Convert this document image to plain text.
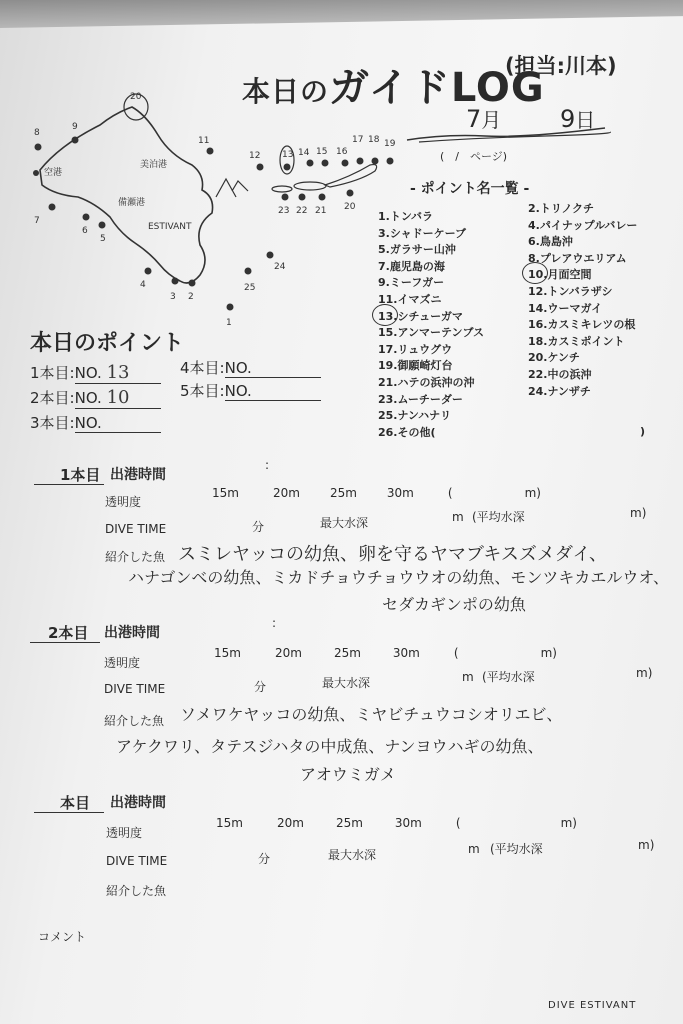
本日のガイドLOG
(担当:川本)
7月 9日
(　/　ページ)
20
8
9
11
12 13 14 15 16
17 18 19
7
6
5
4
3 2
1
25
24
23 22 21 20
空港
美泊港
備瀬港
ESTIVANT
- ポイント名一覧 -
1.トンバラ
3.シャドーケーブ
5.ガラサー山沖
7.鹿児島の海
9.ミーフガー
11.イマズニ
13.シチューガマ
15.アンマーテンブス
17.リュウグウ
19.御願崎灯台
21.ハテの浜沖の沖
23.ムーチーダー
25.ナンハナリ
26.その他(
2.トリノクチ
4.パイナップルバレー
6.鳥島沖
8.プレアウエリアム
10.月面空間
12.トンバラザシ
14.ウーマガイ
16.カスミキレツの根
18.カスミポイント
20.ケンチ
22.中の浜沖
24.ナンザチ
)
本日のポイント
1本目:NO. 13	4本目:NO.
2本目:NO. 10	5本目:NO.
3本目:NO.
1本目 出港時間
:
透明度
15m	20m	25m	30m	(	m)
DIVE TIME	分	最大水深	m (平均水深	m)
紹介した魚 スミレヤッコの幼魚、卵を守るヤマブキスズメダイ、
ハナゴンベの幼魚、ミカドチョウチョウウオの幼魚、モンツキカエルウオ、
セダカギンポの幼魚
2本目 出港時間
:
透明度
15m	20m	25m	30m	(	m)
DIVE TIME	分	最大水深	m (平均水深	m)
紹介した魚 ソメワケヤッコの幼魚、ミヤビチュウコシオリエビ、
アケクワリ、タテスジハタの中成魚、ナンヨウハギの幼魚、
アオウミガメ
本目 出港時間
透明度
15m	20m	25m	30m	(	m)
DIVE TIME	分	最大水深	m (平均水深	m)
紹介した魚
コメント
DIVE ESTIVANT
